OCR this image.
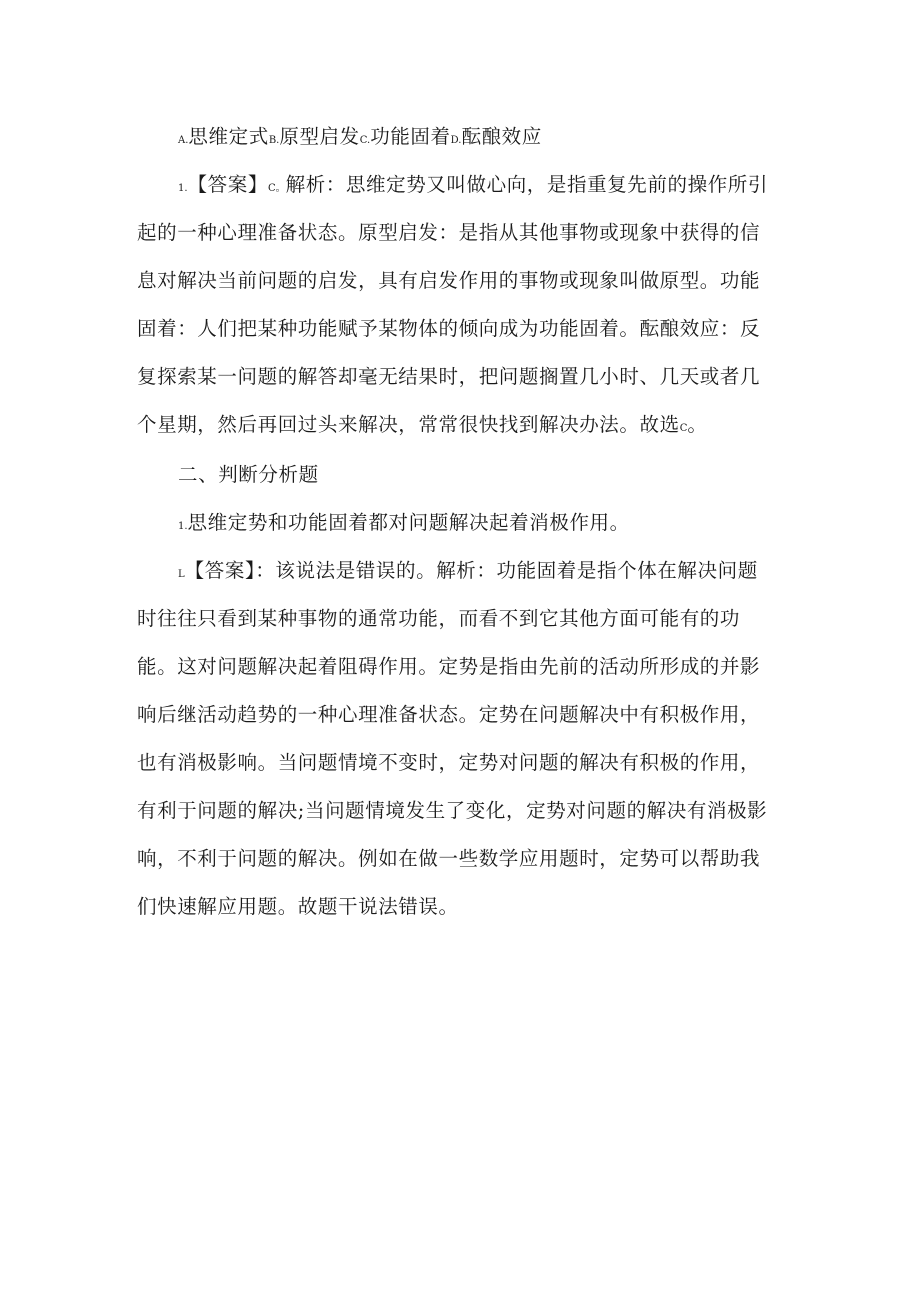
A.思维定式B.原型启发C.功能固着D.酝酿效应
1.【答案】C。解析：思维定势又叫做心向，是指重复先前的操作所引
起的一种心理准备状态。原型启发：是指从其他事物或现象中获得的信
息对解决当前问题的启发，具有启发作用的事物或现象叫做原型。功能
固着：人们把某种功能赋予某物体的倾向成为功能固着。酝酿效应：反
复探索某一问题的解答却毫无结果时，把问题搁置几小时、几天或者几
个星期，然后再回过头来解决，常常很快找到解决办法。故选C。
二、判断分析题
1.思维定势和功能固着都对问题解决起着消极作用。
L【答案】：该说法是错误的。解析：功能固着是指个体在解决问题
时往往只看到某种事物的通常功能，而看不到它其他方面可能有的功
能。这对问题解决起着阻碍作用。定势是指由先前的活动所形成的并影
响后继活动趋势的一种心理准备状态。定势在问题解决中有积极作用，
也有消极影响。当问题情境不变时，定势对问题的解决有积极的作用，
有利于问题的解决;当问题情境发生了变化，定势对问题的解决有消极影
响，不利于问题的解决。例如在做一些数学应用题时，定势可以帮助我
们快速解应用题。故题干说法错误。
